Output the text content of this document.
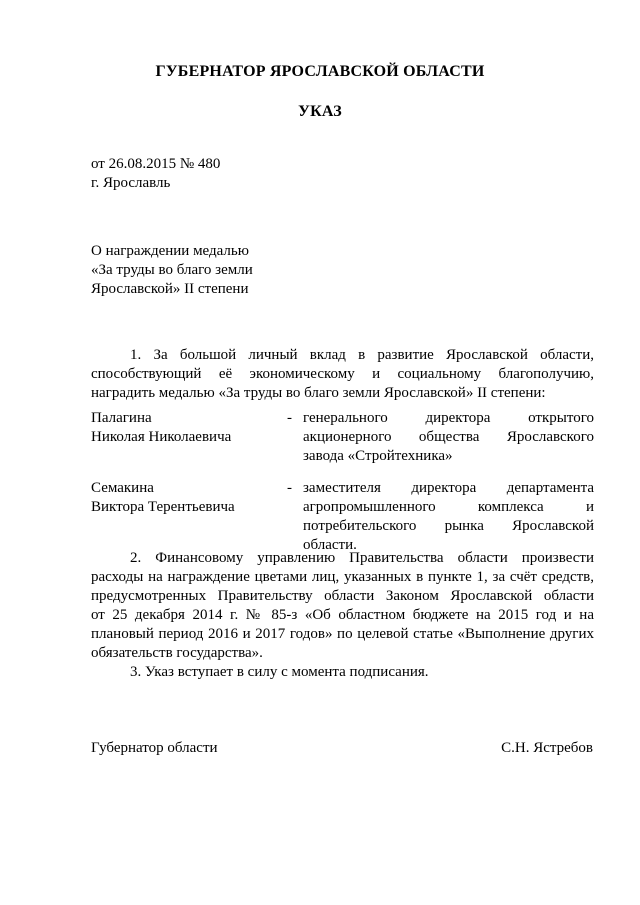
ГУБЕРНАТОР ЯРОСЛАВСКОЙ ОБЛАСТИ
УКАЗ
от 26.08.2015 № 480
г. Ярославль
О награждении медалью
«За труды во благо земли
Ярославской» II степени
1. За большой личный вклад в развитие Ярославской области,
способствующий её экономическому и социальному благополучию,
наградить медалью «За труды во благо земли Ярославской» II степени:
Палагина
Николая Николаевича
- генерального директора открытого
акционерного общества Ярославского
завода «Стройтехника»
Семакина
Виктора Терентьевича
- заместителя директора департамента
агропромышленного комплекса и
потребительского рынка Ярославской
области.
2. Финансовому управлению Правительства области произвести
расходы на награждение цветами лиц, указанных в пункте 1, за счёт средств,
предусмотренных Правительству области Законом Ярославской области
от 25 декабря 2014 г. № 85-з «Об областном бюджете на 2015 год и на
плановый период 2016 и 2017 годов» по целевой статье «Выполнение других
обязательств государства».
3. Указ вступает в силу с момента подписания.
Губернатор области	С.Н. Ястребов
